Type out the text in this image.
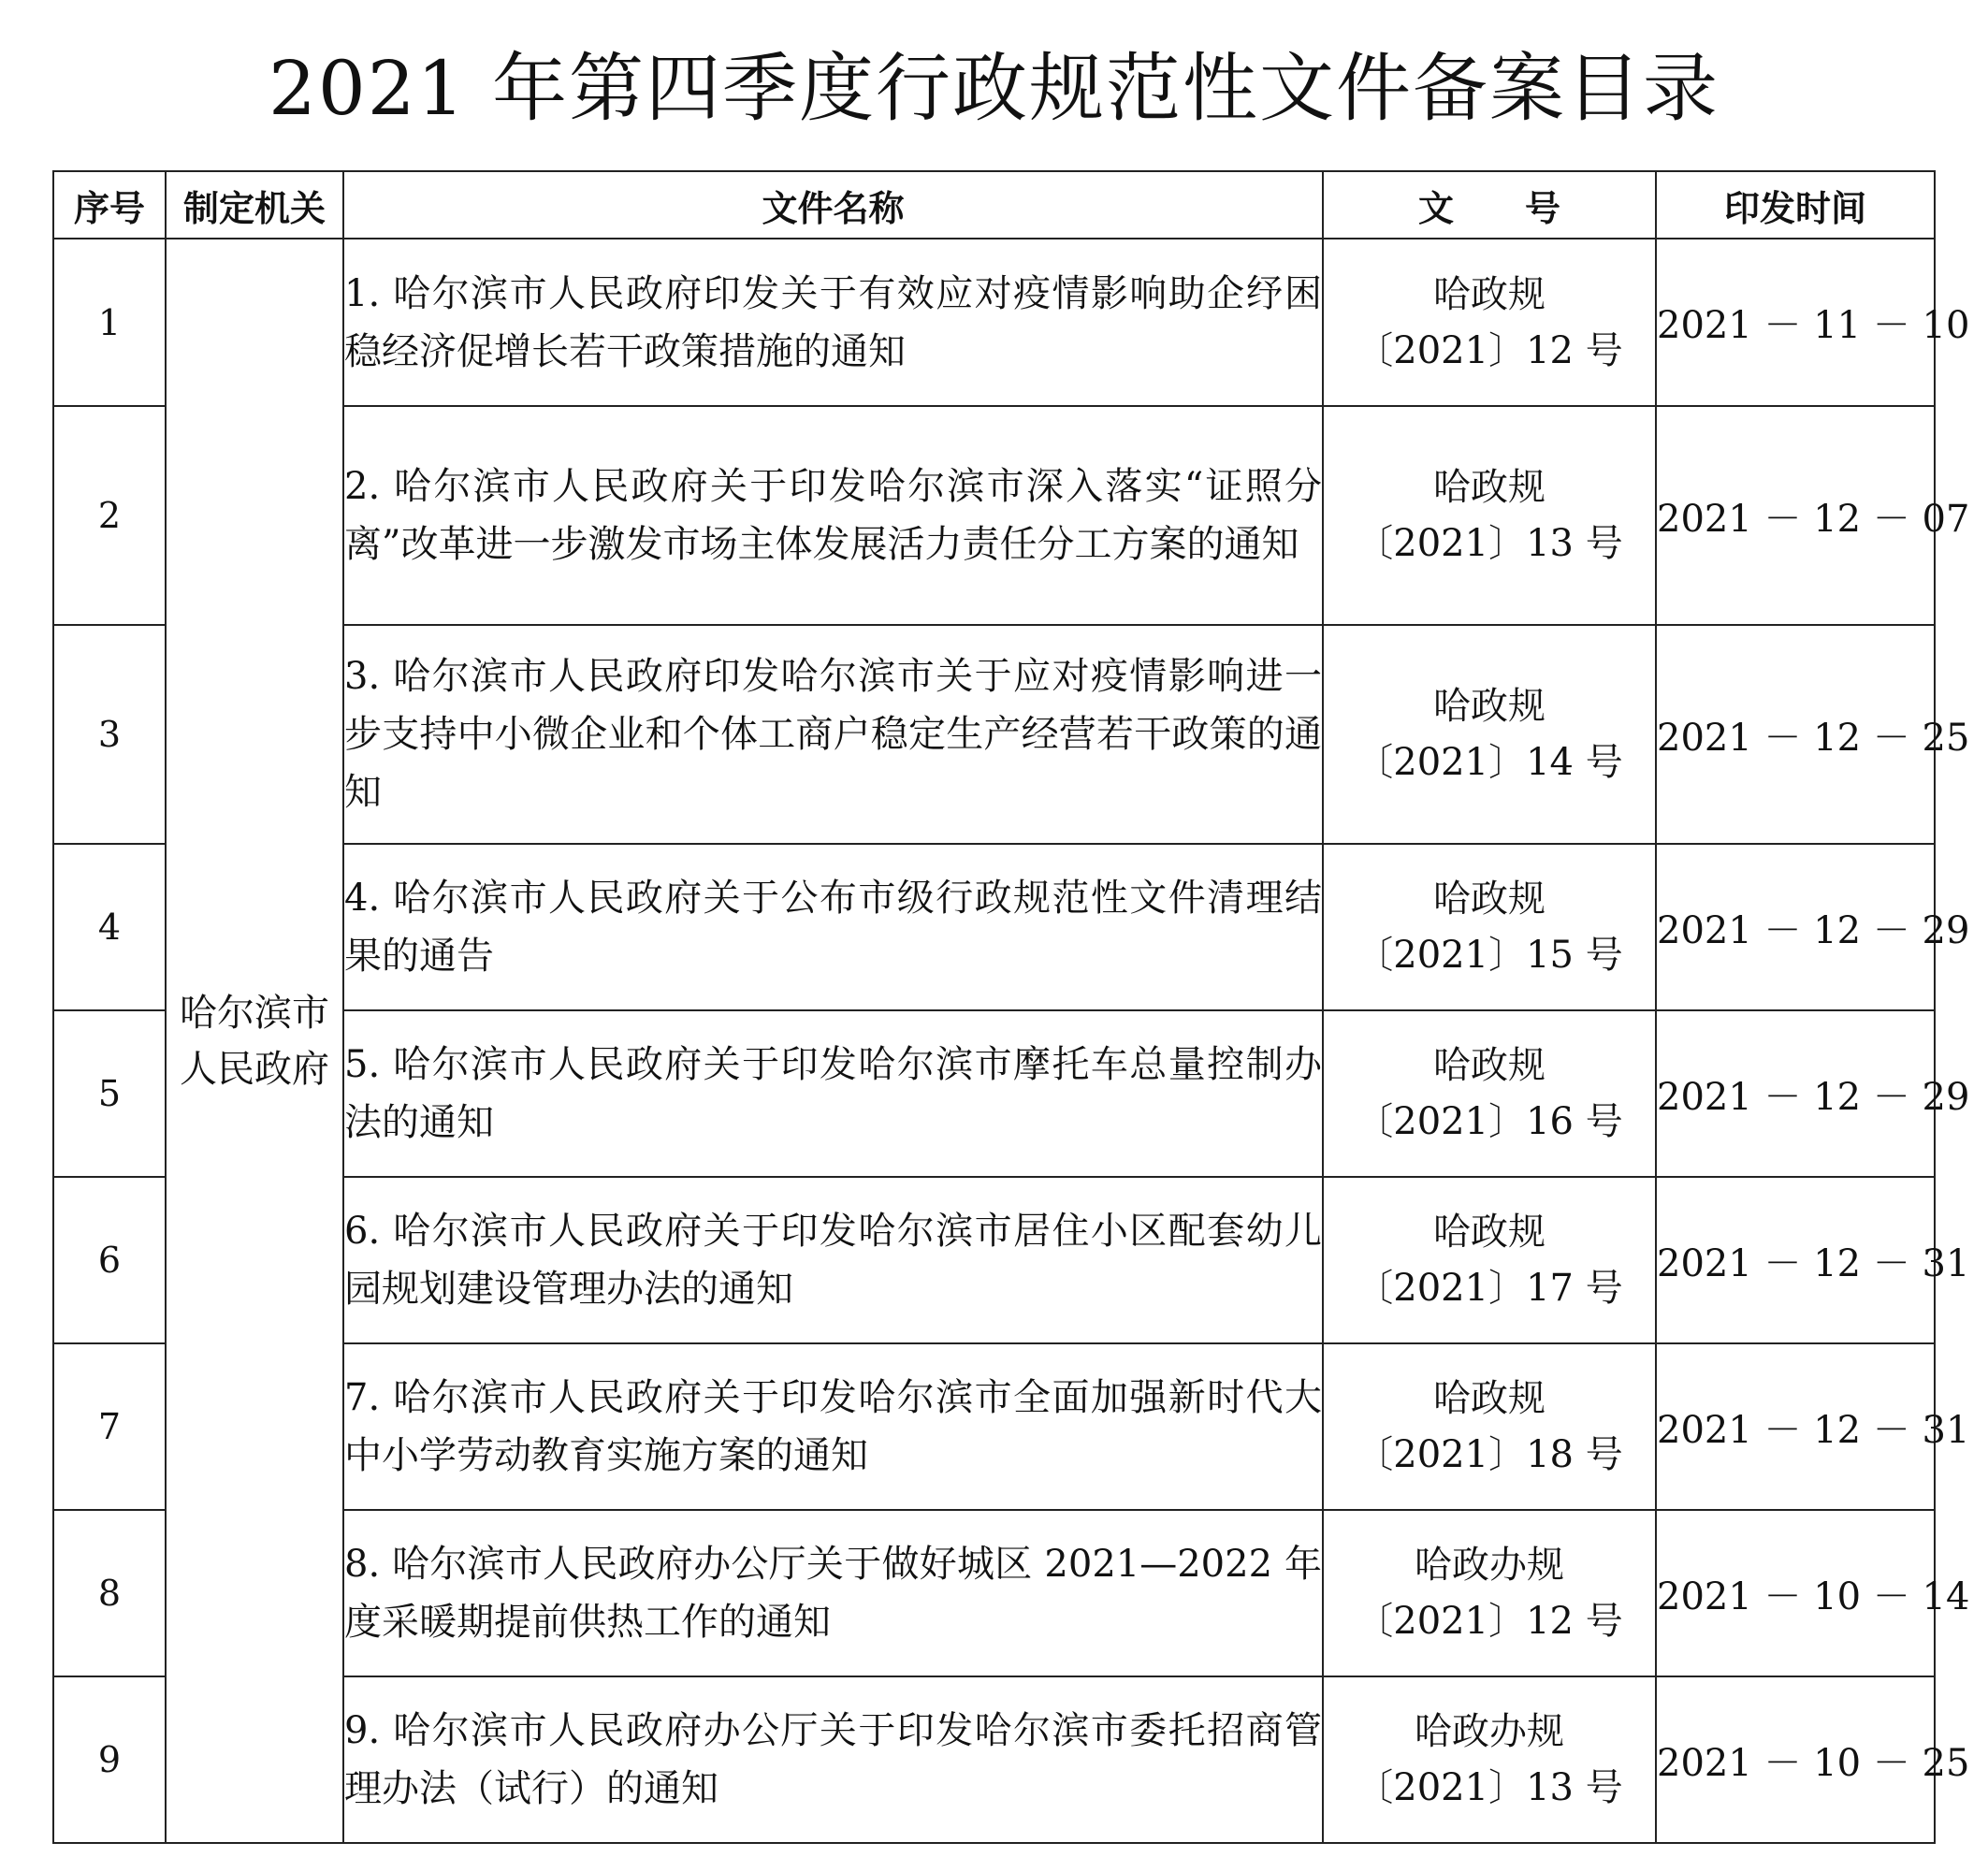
2021 年第四季度行政规范性文件备案目录
序号	制定机关	文件名称	文　　号	印发时间
1	哈尔滨市人民政府	1. 哈尔滨市人民政府印发关于有效应对疫情影响助企纾困稳经济促增长若干政策措施的通知	哈政规
〔2021〕12 号	2021 － 11 － 10
2		2. 哈尔滨市人民政府关于印发哈尔滨市深入落实“证照分离”改革进一步激发市场主体发展活力责任分工方案的通知	哈政规
〔2021〕13 号	2021 － 12 － 07
3		3. 哈尔滨市人民政府印发哈尔滨市关于应对疫情影响进一步支持中小微企业和个体工商户稳定生产经营若干政策的通知	哈政规
〔2021〕14 号	2021 － 12 － 25
4		4. 哈尔滨市人民政府关于公布市级行政规范性文件清理结果的通告	哈政规
〔2021〕15 号	2021 － 12 － 29
5		5. 哈尔滨市人民政府关于印发哈尔滨市摩托车总量控制办法的通知	哈政规
〔2021〕16 号	2021 － 12 － 29
6		6. 哈尔滨市人民政府关于印发哈尔滨市居住小区配套幼儿园规划建设管理办法的通知	哈政规
〔2021〕17 号	2021 － 12 － 31
7		7. 哈尔滨市人民政府关于印发哈尔滨市全面加强新时代大中小学劳动教育实施方案的通知	哈政规
〔2021〕18 号	2021 － 12 － 31
8		8. 哈尔滨市人民政府办公厅关于做好城区 2021—2022 年度采暖期提前供热工作的通知	哈政办规
〔2021〕12 号	2021 － 10 － 14
9		9. 哈尔滨市人民政府办公厅关于印发哈尔滨市委托招商管理办法（试行）的通知	哈政办规
〔2021〕13 号	2021 － 10 － 25
